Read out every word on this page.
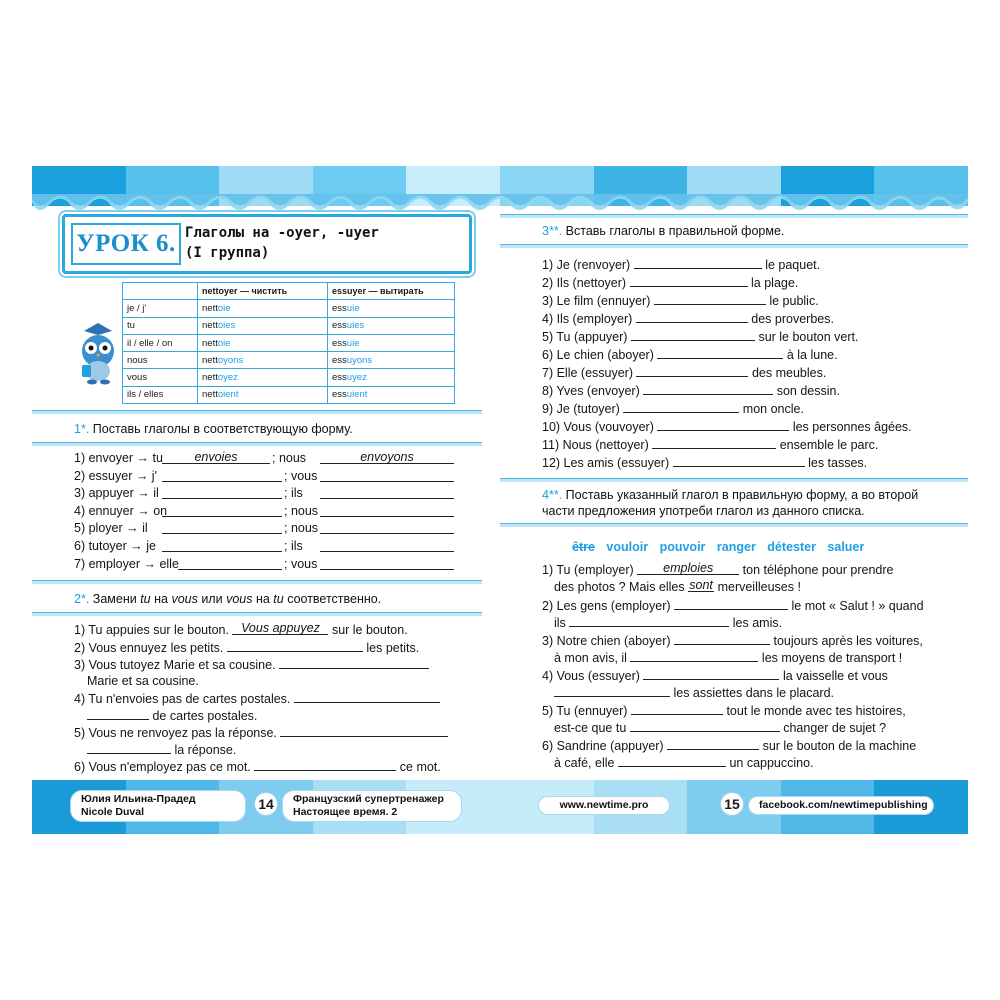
УРОК 6. Глаголы на -oyer, -uyer
(I группа)
	nettoyer — чистить	essuyer — вытирать
je / j'	nettoie	essuie
tu	nettoies	essuies
il / elle / on	nettoie	essuie
nous	nettoyons	essuyons
vous	nettoyez	essuyez
ils / elles	nettoient	essuient
1*. Поставь глаголы в соответствующую форму.
2*. Замени tu на vous или vous на tu соответственно.
1) Tu appuies sur le bouton. Vous appuyez sur le bouton.
2) Vous ennuyez les petits.	les petits.
3) Vous tutoyez Marie et sa cousine.
Marie et sa cousine.
4) Tu n'envoies pas de cartes postales.
de cartes postales.
5) Vous ne renvoyez pas la réponse.
la réponse.
6) Vous n'employez pas ce mot.	ce mot.
3**. Вставь глаголы в правильной форме.
4**. Поставь указанный глагол в правильную форму, а во второй
части предложения употреби глагол из данного списка.
être vouloir pouvoir ranger détester saluer
1) Tu (employer) emploies ton téléphone pour prendre
des photos ? Mais elles sont merveilleuses !
2) Les gens (employer)	le mot « Salut ! » quand
ils	les amis.
3) Notre chien (aboyer)	toujours après les voitures,
à mon avis, il	les moyens de transport !
4) Vous (essuyer)	la vaisselle et vous
les assiettes dans le placard.
5) Tu (ennuyer)	tout le monde avec tes histoires,
est-ce que tu	changer de sujet ?
6) Sandrine (appuyer)	sur le bouton de la machine
à café, elle	un cappuccino.
Юлия Ильина-Прадед
Nicole Duval	14	Французский супертренажер
Настоящее время. 2
www.newtime.pro	15	facebook.com/newtimepublishing
1) envoyer → tu	envoies	; nous	envoyons
2) essuyer → j'	; vous
3) appuyer → il	; ils
4) ennuyer → on	; nous
5) ployer → il	; nous
6) tutoyer → je	; ils
7) employer → elle	; vous
1) Je (renvoyer)	le paquet.
2) Ils (nettoyer)	la plage.
3) Le film (ennuyer)	le public.
4) Ils (employer)	des proverbes.
5) Tu (appuyer)	sur le bouton vert.
6) Le chien (aboyer)	à la lune.
7) Elle (essuyer)	des meubles.
8) Yves (envoyer)	son dessin.
9) Je (tutoyer)	mon oncle.
10) Vous (vouvoyer)	les personnes âgées.
11) Nous (nettoyer)	ensemble le parc.
12) Les amis (essuyer)	les tasses.
